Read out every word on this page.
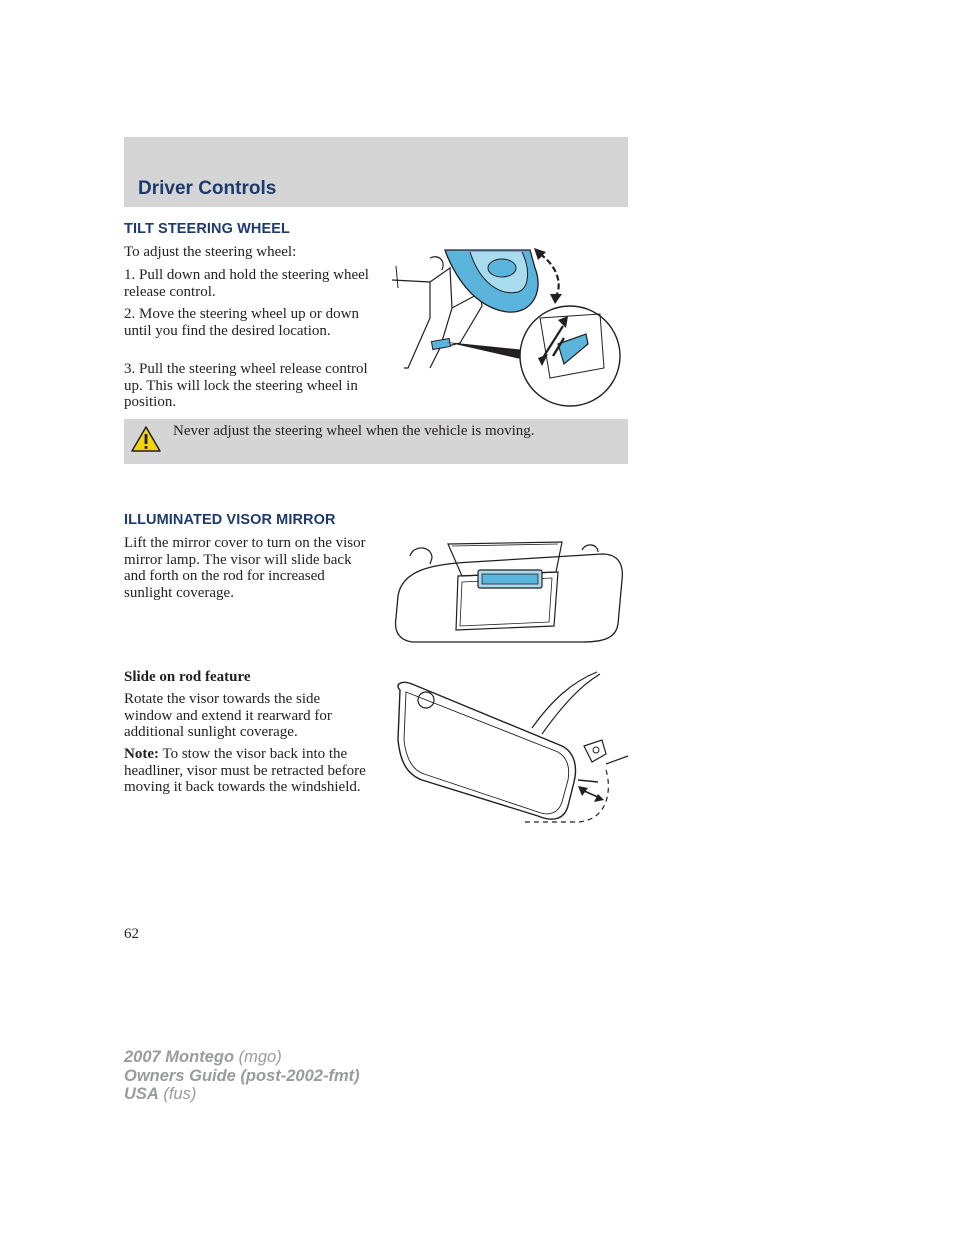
Driver Controls
TILT STEERING WHEEL
To adjust the steering wheel:
1. Pull down and hold the steering wheel release control.
2. Move the steering wheel up or down until you find the desired location.
3. Pull the steering wheel release control up. This will lock the steering wheel in position.
Never adjust the steering wheel when the vehicle is moving.
ILLUMINATED VISOR MIRROR
Lift the mirror cover to turn on the visor mirror lamp. The visor will slide back and forth on the rod for increased sunlight coverage.
Slide on rod feature
Rotate the visor towards the side window and extend it rearward for additional sunlight coverage.
Note: To stow the visor back into the headliner, visor must be retracted before moving it back towards the windshield.
62
2007 Montego (mgo)
Owners Guide (post-2002-fmt)
USA (fus)
